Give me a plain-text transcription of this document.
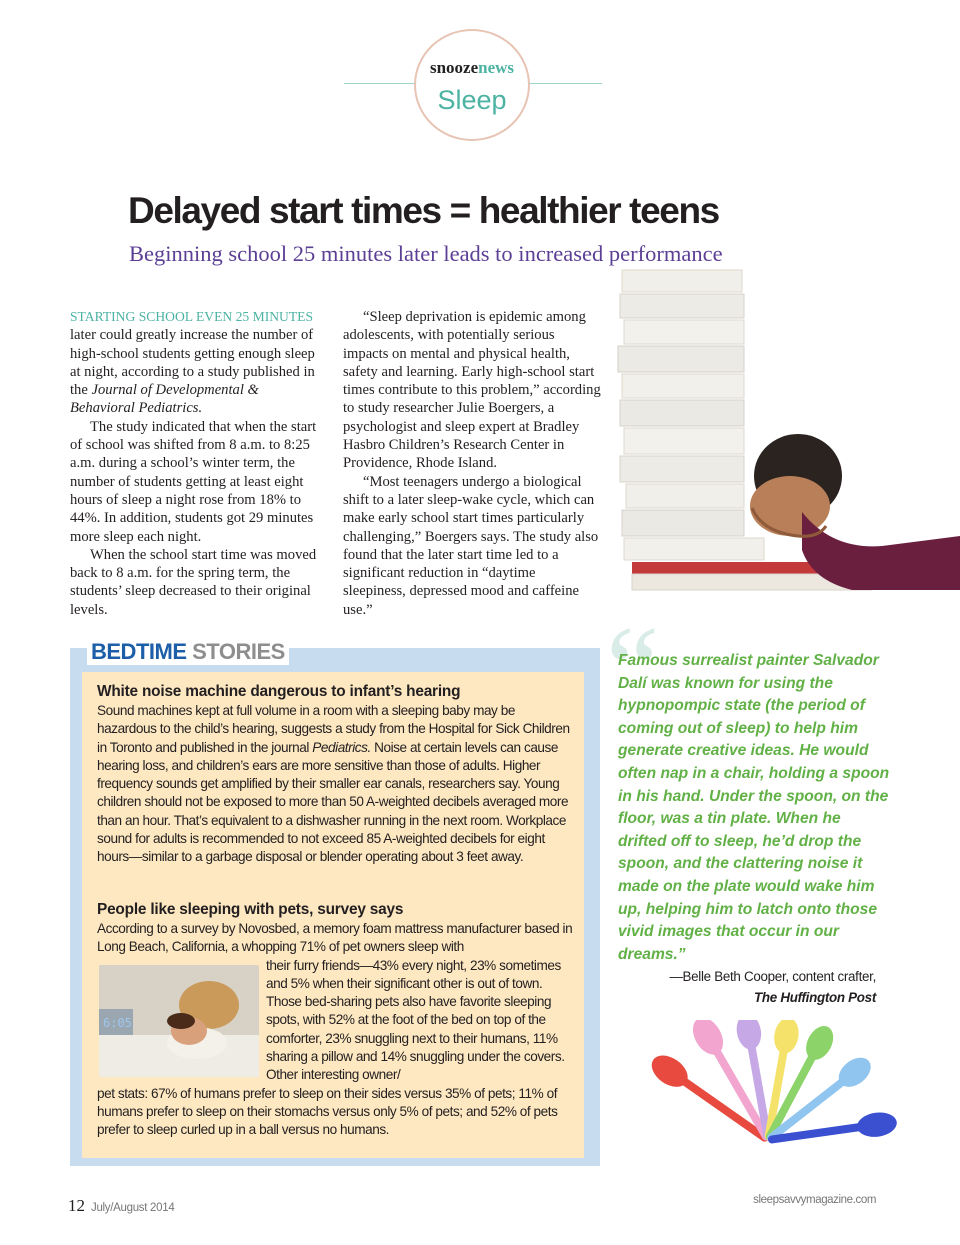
snoozenews
Sleep
Delayed start times = healthier teens
Beginning school 25 minutes later leads to increased performance

STARTING SCHOOL EVEN 25 MINUTES later could greatly increase the number of high-school students getting enough sleep at night, according to a study published in the Journal of Developmental & Behavioral Pediatrics.

The study indicated that when the start of school was shifted from 8 a.m. to 8:25 a.m. during a school’s winter term, the number of students getting at least eight hours of sleep a night rose from 18% to 44%. In addition, students got 29 minutes more sleep each night.

When the school start time was moved back to 8 a.m. for the spring term, the students’ sleep decreased to their original levels.

“Sleep deprivation is epidemic among adolescents, with potentially serious impacts on mental and physical health, safety and learning. Early high-school start times contribute to this problem,” according to study researcher Julie Boergers, a psychologist and sleep expert at Bradley Hasbro Children’s Research Center in Providence, Rhode Island.

“Most teenagers undergo a biological shift to a later sleep-wake cycle, which can make early school start times particularly challenging,” Boergers says. The study also found that the later start time led to a significant reduction in “daytime sleepiness, depressed mood and caffeine use.”

BEDTIME STORIES
White noise machine dangerous to infant’s hearing

Sound machines kept at full volume in a room with a sleeping baby may be hazardous to the child’s hearing, suggests a study from the Hospital for Sick Children in Toronto and published in the journal Pediatrics. Noise at certain levels can cause hearing loss, and children’s ears are more sensitive than those of adults. Higher frequency sounds get amplified by their smaller ear canals, researchers say. Young children should not be exposed to more than 50 A-weighted decibels averaged more than an hour. That’s equivalent to a dishwasher running in the next room. Workplace sound for adults is recommended to not exceed 85 A-weighted decibels for eight hours—similar to a garbage disposal or blender operating about 3 feet away.

People like sleeping with pets, survey says

According to a survey by Novosbed, a memory foam mattress manufacturer based in Long Beach, California, a whopping 71% of pet owners sleep with

their furry friends—43% every night, 23% sometimes and 5% when their significant other is out of town. Those bed-sharing pets also have favorite sleeping spots, with 52% at the foot of the bed on top of the comforter, 23% snuggling next to their humans, 11% sharing a pillow and 14% snuggling under the covers. Other interesting owner/

pet stats: 67% of humans prefer to sleep on their sides versus 35% of pets; 11% of humans prefer to sleep on their stomachs versus only 5% of pets; and 52% of pets prefer to sleep curled up in a ball versus no humans.

6:05
“
Famous surrealist painter Salvador Dalí was known for using the hypnopompic state (the period of coming out of sleep) to help him generate creative ideas. He would often nap in a chair, holding a spoon in his hand. Under the spoon, on the floor, was a tin plate. When he drifted off to sleep, he’d drop the spoon, and the clattering noise it made on the plate would wake him up, helping him to latch onto those vivid images that occur in our dreams.”
—Belle Beth Cooper, content crafter,
The Huffington Post
12 July/August 2014
sleepsavvymagazine.com
